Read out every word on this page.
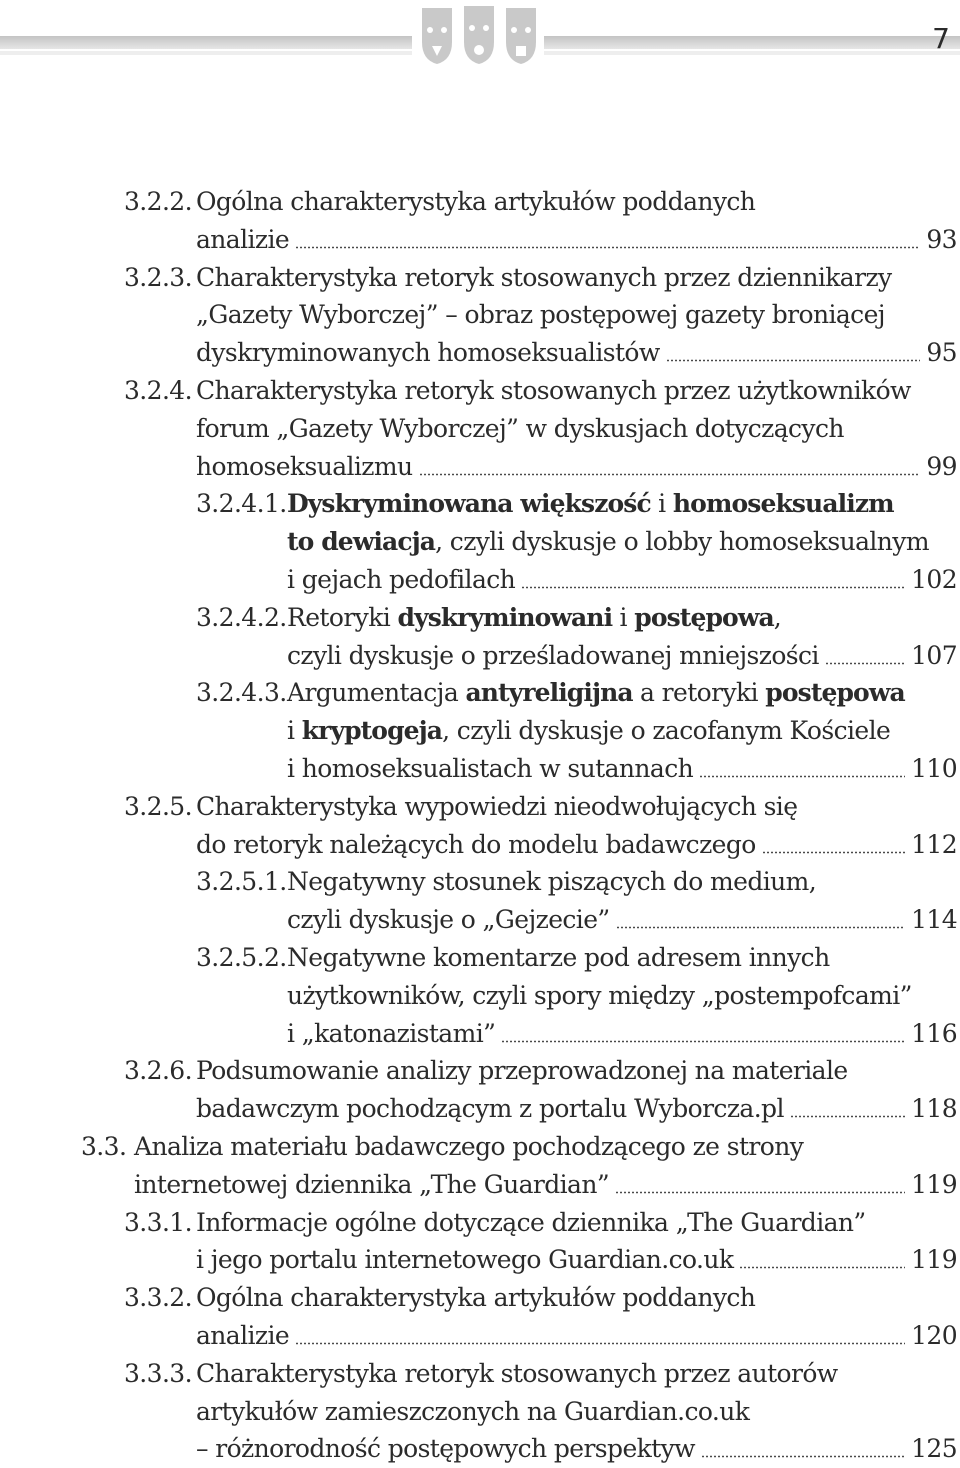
7
3.2.2. Ogólna charakterystyka artykułów poddanych
analizie	93
3.2.3. Charakterystyka retoryk stosowanych przez dziennikarzy
„Gazety Wyborczej” – obraz postępowej gazety broniącej
dyskryminowanych homoseksualistów	95
3.2.4. Charakterystyka retoryk stosowanych przez użytkowników
forum „Gazety Wyborczej” w dyskusjach dotyczących
homoseksualizmu	99
3.2.4.1. Dyskryminowana większość i homoseksualizm
to dewiacja, czyli dyskusje o lobby homoseksualnym
i gejach pedofilach	102
3.2.4.2. Retoryki dyskryminowani i postępowa,
czyli dyskusje o prześladowanej mniejszości	107
3.2.4.3. Argumentacja antyreligijna a retoryki postępowa
i kryptogeja, czyli dyskusje o zacofanym Kościele
i homoseksualistach w sutannach	110
3.2.5. Charakterystyka wypowiedzi nieodwołujących się
do retoryk należących do modelu badawczego	112
3.2.5.1. Negatywny stosunek piszących do medium,
czyli dyskusje o „Gejzecie”	114
3.2.5.2. Negatywne komentarze pod adresem innych
użytkowników, czyli spory między „postempofcami”
i „katonazistami”	116
3.2.6. Podsumowanie analizy przeprowadzonej na materiale
badawczym pochodzącym z portalu Wyborcza.pl	118
3.3. Analiza materiału badawczego pochodzącego ze strony
internetowej dziennika „The Guardian”	119
3.3.1. Informacje ogólne dotyczące dziennika „The Guardian”
i jego portalu internetowego Guardian.co.uk	119
3.3.2. Ogólna charakterystyka artykułów poddanych
analizie	120
3.3.3. Charakterystyka retoryk stosowanych przez autorów
artykułów zamieszczonych na Guardian.co.uk
– różnorodność postępowych perspektyw	125
